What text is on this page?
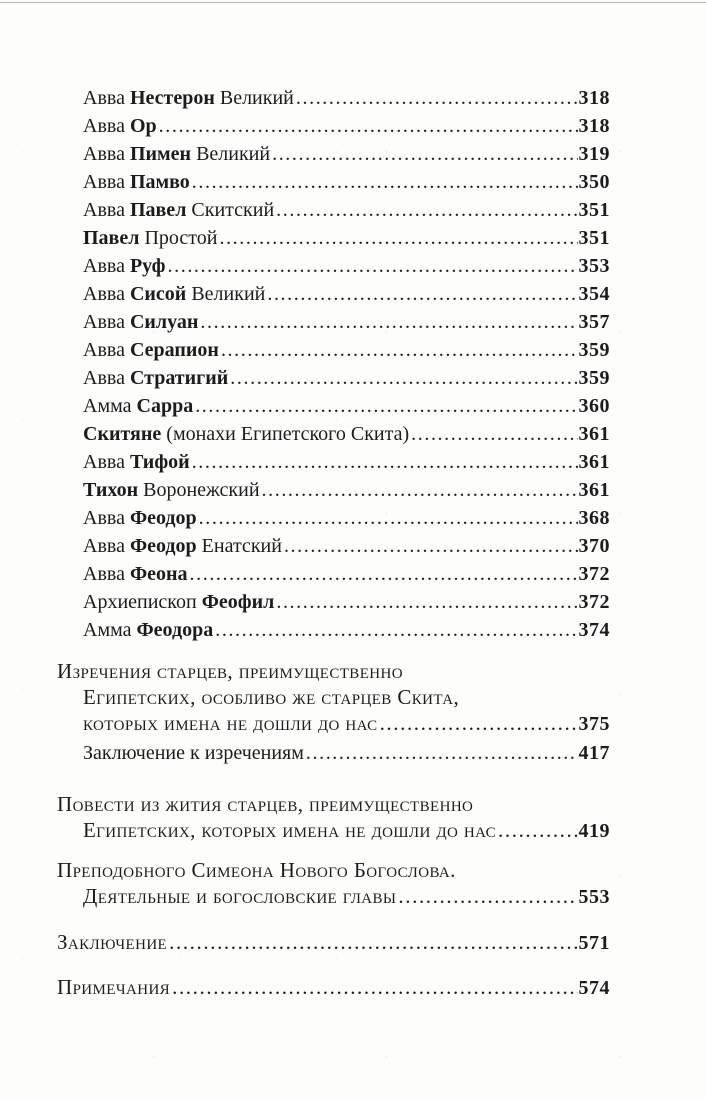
Авва Нестерон Великий .....	318
Авва Ор .....	318
Авва Пимен Великий .....	319
Авва Памво .....	350
Авва Павел Скитский .....	351
Павел Простой .....	351
Авва Руф .....	353
Авва Сисой Великий .....	354
Авва Силуан .....	357
Авва Серапион .....	359
Авва Стратигий .....	359
Амма Сарра .....	360
Скитяне (монахи Египетского Скита) .....	361
Авва Тифой .....	361
Тихон Воронежский .....	361
Авва Феодор .....	368
Авва Феодор Енатский .....	370
Авва Феона .....	372
Архиепископ Феофил .....	372
Амма Феодора .....	374
Изречения старцев, преимущественно
Египетских, особливо же старцев Скита,
которых имена не дошли до нас .....	375
Заключение к изречениям .....	417
Повести из жития старцев, преимущественно
Египетских, которых имена не дошли до нас .....	419
Преподобного Симеона Нового Богослова.
Деятельные и богословские главы .....	553
Заключение .....	571
Примечания .....	574
